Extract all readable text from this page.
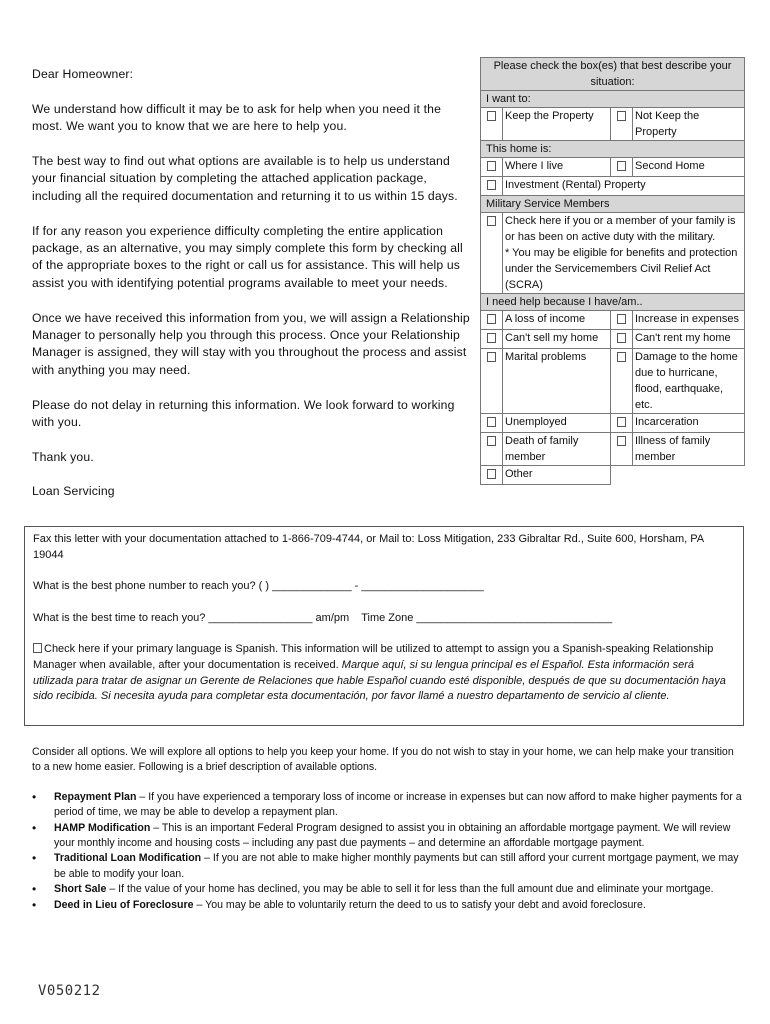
Dear Homeowner:

We understand how difficult it may be to ask for help when you need it the most. We want you to know that we are here to help you.

The best way to find out what options are available is to help us understand your financial situation by completing the attached application package, including all the required documentation and returning it to us within 15 days.

If for any reason you experience difficulty completing the entire application package, as an alternative, you may simply complete this form by checking all of the appropriate boxes to the right or call us for assistance. This will help us assist you with identifying potential programs available to meet your needs.

Once we have received this information from you, we will assign a Relationship Manager to personally help you through this process. Once your Relationship Manager is assigned, they will stay with you throughout the process and assist with anything you may need.

Please do not delay in returning this information. We look forward to working with you.

Thank you.

Loan Servicing

Please check the box(es) that best describe your situation:			
I want to:			
	Keep the Property		Not Keep the Property
This home is:			
	Where I live		Second Home
	Investment (Rental) Property		
Military Service Members			

	Check here if you or a member of your family is or has been on active duty with the military.
* You may be eligible for benefits and protection under the Servicemembers Civil Relief Act (SCRA)		

I need help because I have/am..			
	A loss of income		Increase in expenses
	Can't sell my home		Can't rent my home
	Marital problems		Damage to the home due to hurricane, flood, earthquake, etc.
	Unemployed		Incarceration
	Death of family member		Illness of family member
	Other		

Fax this letter with your documentation attached to 1-866-709-4744, or Mail to: Loss Mitigation, 233 Gibraltar Rd., Suite 600, Horsham, PA 19044

What is the best phone number to reach you? ( ) _____________ - ____________________

What is the best time to reach you? _________________ am/pm Time Zone ________________________________

Check here if your primary language is Spanish. This information will be utilized to attempt to assign you a Spanish-speaking Relationship Manager when available, after your documentation is received. Marque aquí, si su lengua principal es el Español. Esta información será utilizada para tratar de asignar un Gerente de Relaciones que hable Español cuando esté disponible, después de que su documentación haya sido recibida. Si necesita ayuda para completar esta documentación, por favor llamé a nuestro departamento de servicio al cliente.

Consider all options. We will explore all options to help you keep your home. If you do not wish to stay in your home, we can help make your transition to a new home easier. Following is a brief description of available options.

• Repayment Plan – If you have experienced a temporary loss of income or increase in expenses but can now afford to make higher payments for a period of time, we may be able to develop a repayment plan.
• HAMP Modification – This is an important Federal Program designed to assist you in obtaining an affordable mortgage payment. We will review your monthly income and housing costs – including any past due payments – and determine an affordable mortgage payment.
• Traditional Loan Modification – If you are not able to make higher monthly payments but can still afford your current mortgage payment, we may be able to modify your loan.
• Short Sale – If the value of your home has declined, you may be able to sell it for less than the full amount due and eliminate your mortgage.
• Deed in Lieu of Foreclosure – You may be able to voluntarily return the deed to us to satisfy your debt and avoid foreclosure.
V050212
